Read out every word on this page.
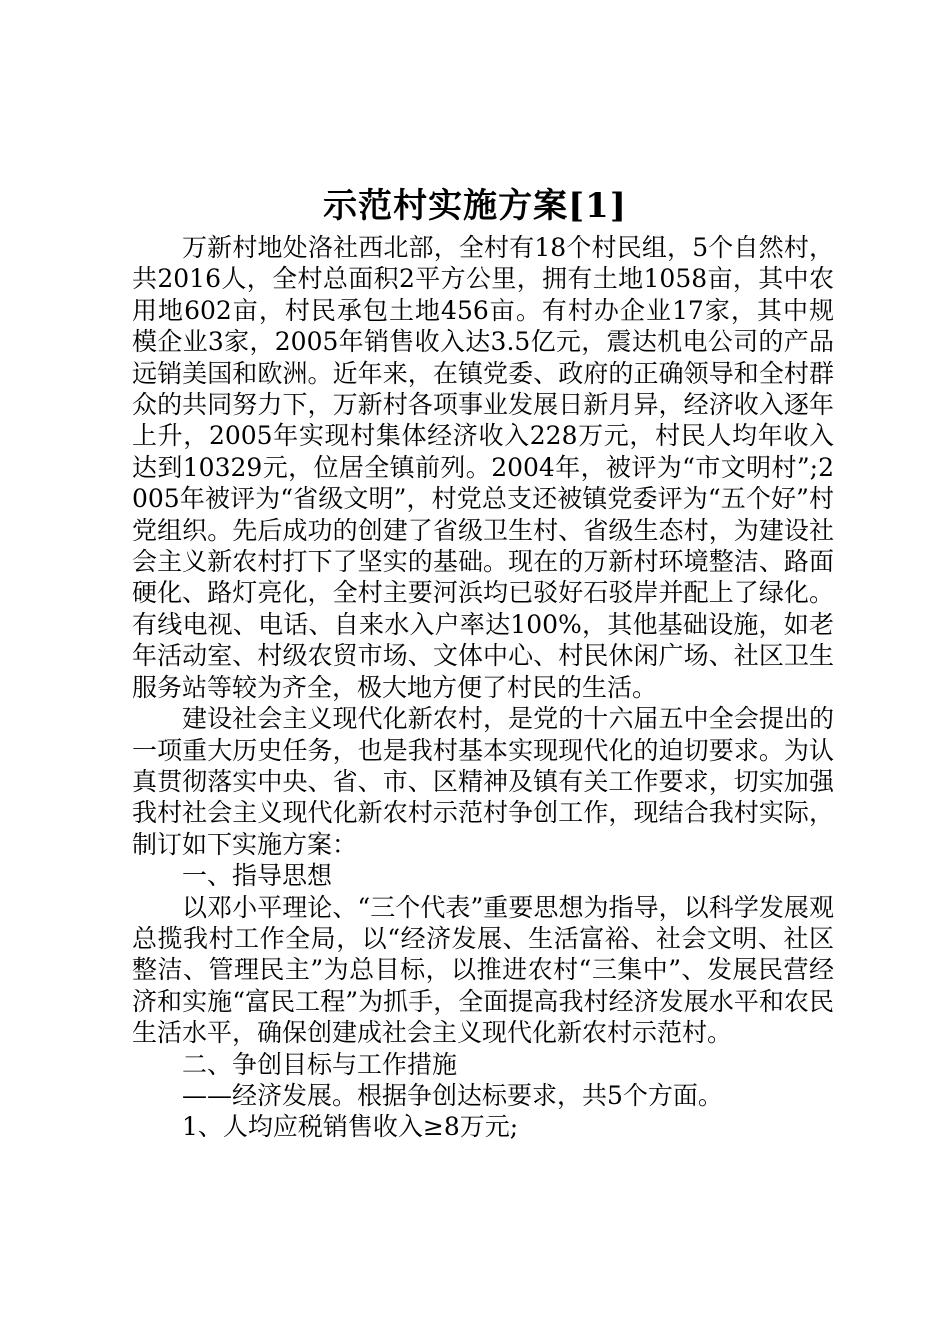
示范村实施方案[1]

万新村地处洛社西北部，全村有18个村民组，5个自然村，共2016人，全村总面积2平方公里，拥有土地1058亩，其中农用地602亩，村民承包土地456亩。有村办企业17家，其中规模企业3家，2005年销售收入达3.5亿元，震达机电公司的产品远销美国和欧洲。近年来，在镇党委、政府的正确领导和全村群众的共同努力下，万新村各项事业发展日新月异，经济收入逐年上升，2005年实现村集体经济收入228万元，村民人均年收入达到10329元，位居全镇前列。2004年，被评为“市文明村”;2005年被评为“省级文明”，村党总支还被镇党委评为“五个好”村党组织。先后成功的创建了省级卫生村、省级生态村，为建设社会主义新农村打下了坚实的基础。现在的万新村环境整洁、路面硬化、路灯亮化，全村主要河浜均已驳好石驳岸并配上了绿化。有线电视、电话、自来水入户率达100%，其他基础设施，如老年活动室、村级农贸市场、文体中心、村民休闲广场、社区卫生服务站等较为齐全，极大地方便了村民的生活。

建设社会主义现代化新农村，是党的十六届五中全会提出的一项重大历史任务，也是我村基本实现现代化的迫切要求。为认真贯彻落实中央、省、市、区精神及镇有关工作要求，切实加强我村社会主义现代化新农村示范村争创工作，现结合我村实际，制订如下实施方案：

一、指导思想

以邓小平理论、“三个代表”重要思想为指导，以科学发展观总揽我村工作全局，以“经济发展、生活富裕、社会文明、社区整洁、管理民主”为总目标，以推进农村“三集中”、发展民营经济和实施“富民工程”为抓手，全面提高我村经济发展水平和农民生活水平，确保创建成社会主义现代化新农村示范村。

二、争创目标与工作措施

——经济发展。根据争创达标要求，共5个方面。

1、人均应税销售收入≥8万元;
